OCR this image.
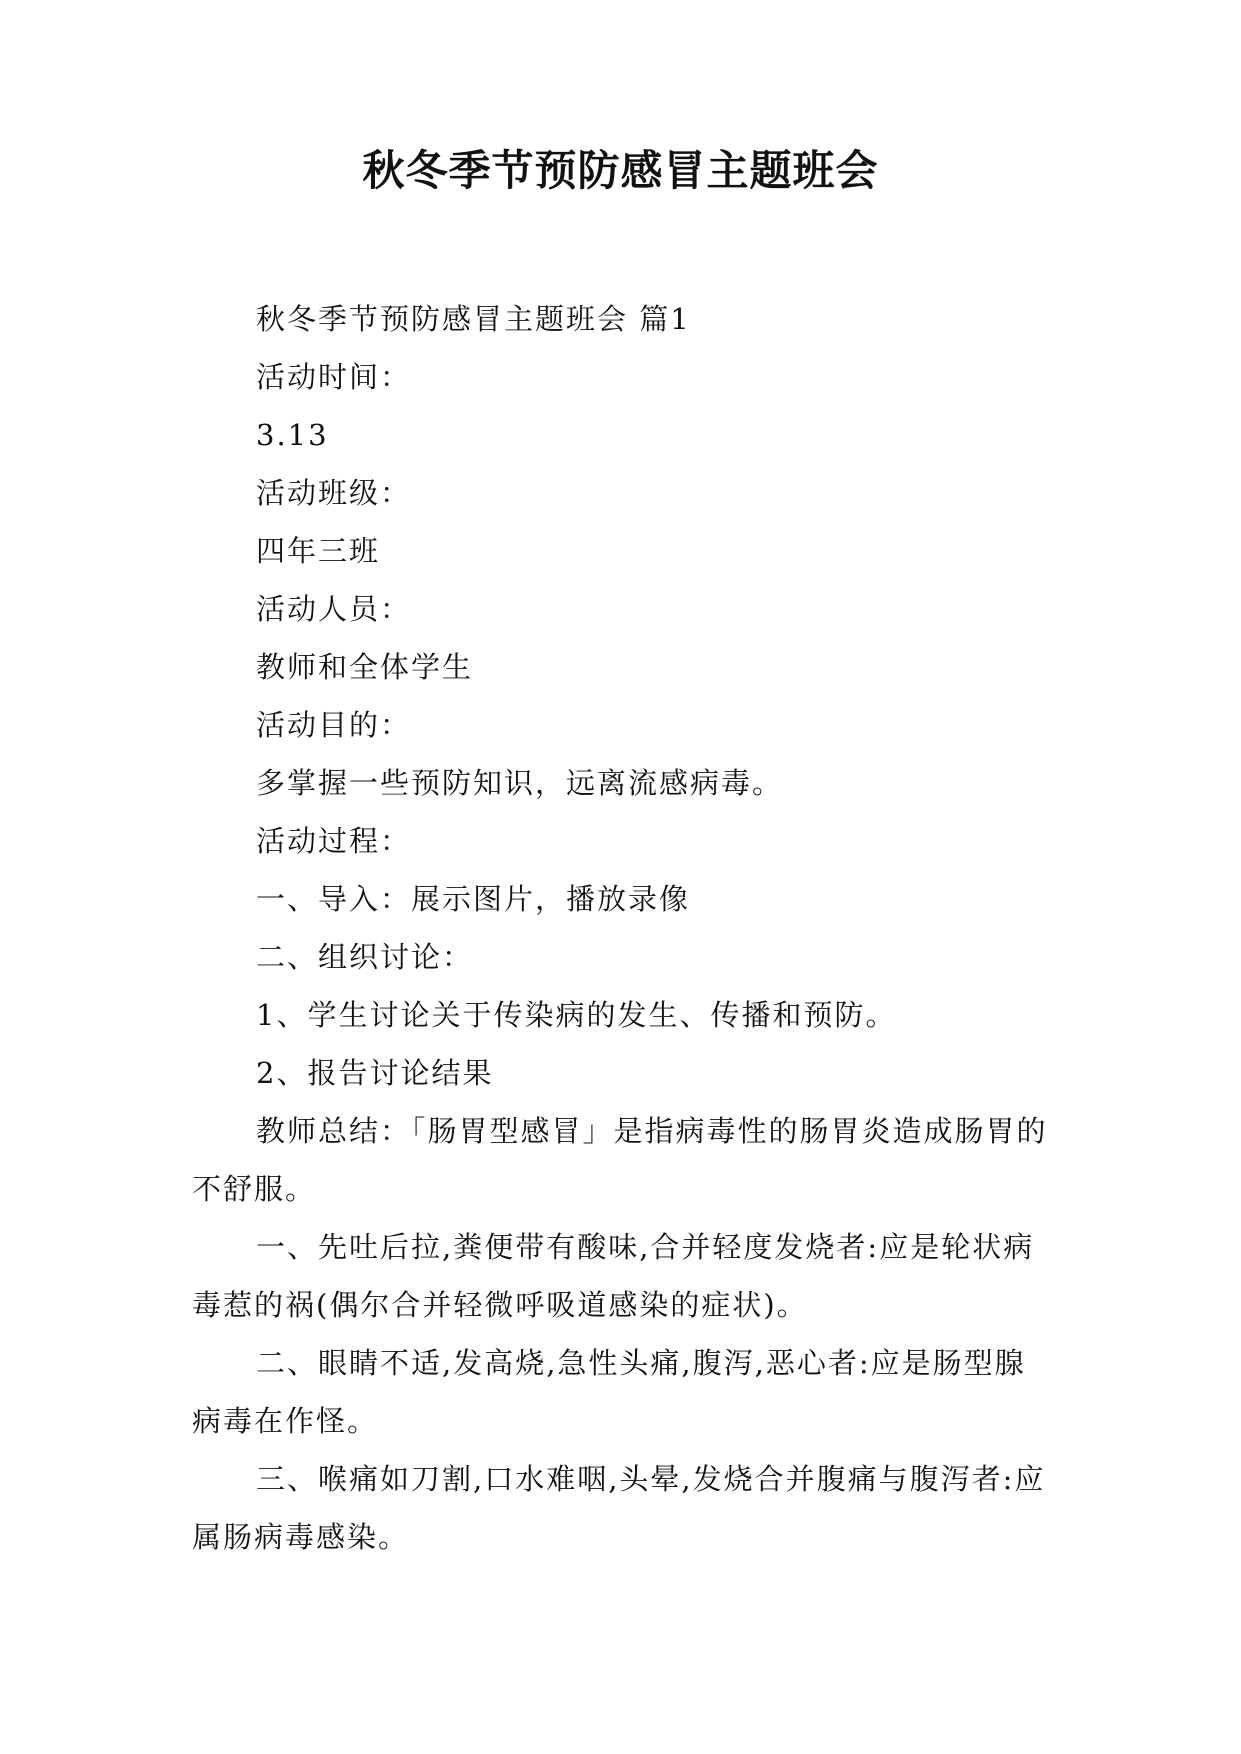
秋冬季节预防感冒主题班会

秋冬季节预防感冒主题班会 篇1

活动时间：

3.13

活动班级：

四年三班

活动人员：

教师和全体学生

活动目的：

多掌握一些预防知识，远离流感病毒。

活动过程：

一、导入：展示图片，播放录像

二、组织讨论：

1、学生讨论关于传染病的发生、传播和预防。

2、报告讨论结果

教师总结：「肠胃型感冒」是指病毒性的肠胃炎造成肠胃的不舒服。

一、先吐后拉,粪便带有酸味,合并轻度发烧者:应是轮状病毒惹的祸(偶尔合并轻微呼吸道感染的症状)。

二、眼睛不适,发高烧,急性头痛,腹泻,恶心者:应是肠型腺病毒在作怪。

三、喉痛如刀割,口水难咽,头晕,发烧合并腹痛与腹泻者:应属肠病毒感染。
